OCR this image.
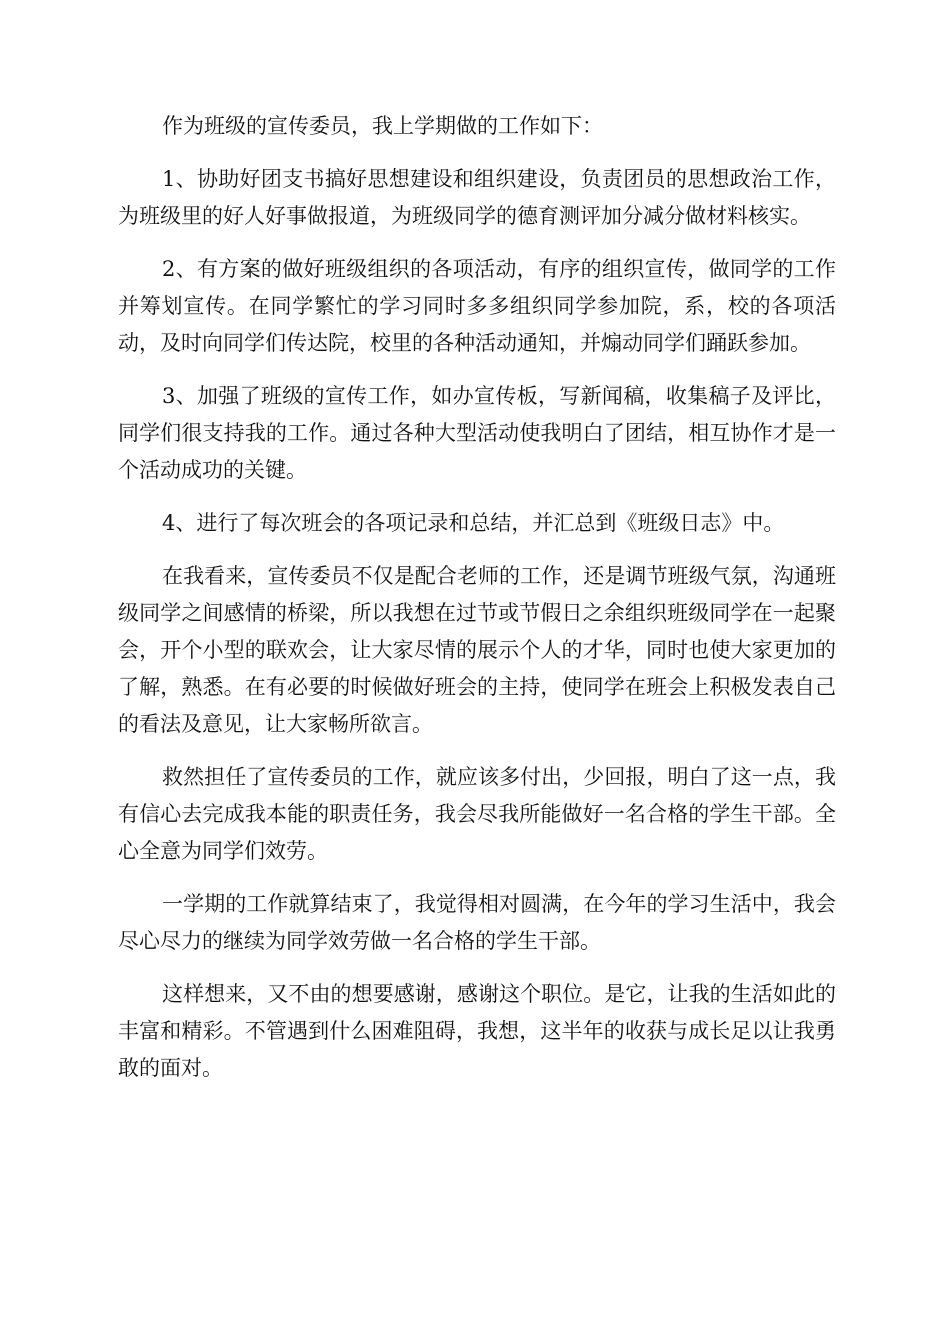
作为班级的宣传委员，我上学期做的工作如下：

1、协助好团支书搞好思想建设和组织建设，负责团员的思想政治工作，为班级里的好人好事做报道，为班级同学的德育测评加分减分做材料核实。

2、有方案的做好班级组织的各项活动，有序的组织宣传，做同学的工作并筹划宣传。在同学繁忙的学习同时多多组织同学参加院，系，校的各项活动，及时向同学们传达院，校里的各种活动通知，并煽动同学们踊跃参加。

3、加强了班级的宣传工作，如办宣传板，写新闻稿，收集稿子及评比，同学们很支持我的工作。通过各种大型活动使我明白了团结，相互协作才是一个活动成功的关键。

4、进行了每次班会的各项记录和总结，并汇总到《班级日志》中。

在我看来，宣传委员不仅是配合老师的工作，还是调节班级气氛，沟通班级同学之间感情的桥梁，所以我想在过节或节假日之余组织班级同学在一起聚会，开个小型的联欢会，让大家尽情的展示个人的才华，同时也使大家更加的了解，熟悉。在有必要的时候做好班会的主持，使同学在班会上积极发表自己的看法及意见，让大家畅所欲言。

救然担任了宣传委员的工作，就应该多付出，少回报，明白了这一点，我有信心去完成我本能的职责任务，我会尽我所能做好一名合格的学生干部。全心全意为同学们效劳。

一学期的工作就算结束了，我觉得相对圆满，在今年的学习生活中，我会尽心尽力的继续为同学效劳做一名合格的学生干部。

这样想来，又不由的想要感谢，感谢这个职位。是它，让我的生活如此的丰富和精彩。不管遇到什么困难阻碍，我想，这半年的收获与成长足以让我勇敢的面对。
